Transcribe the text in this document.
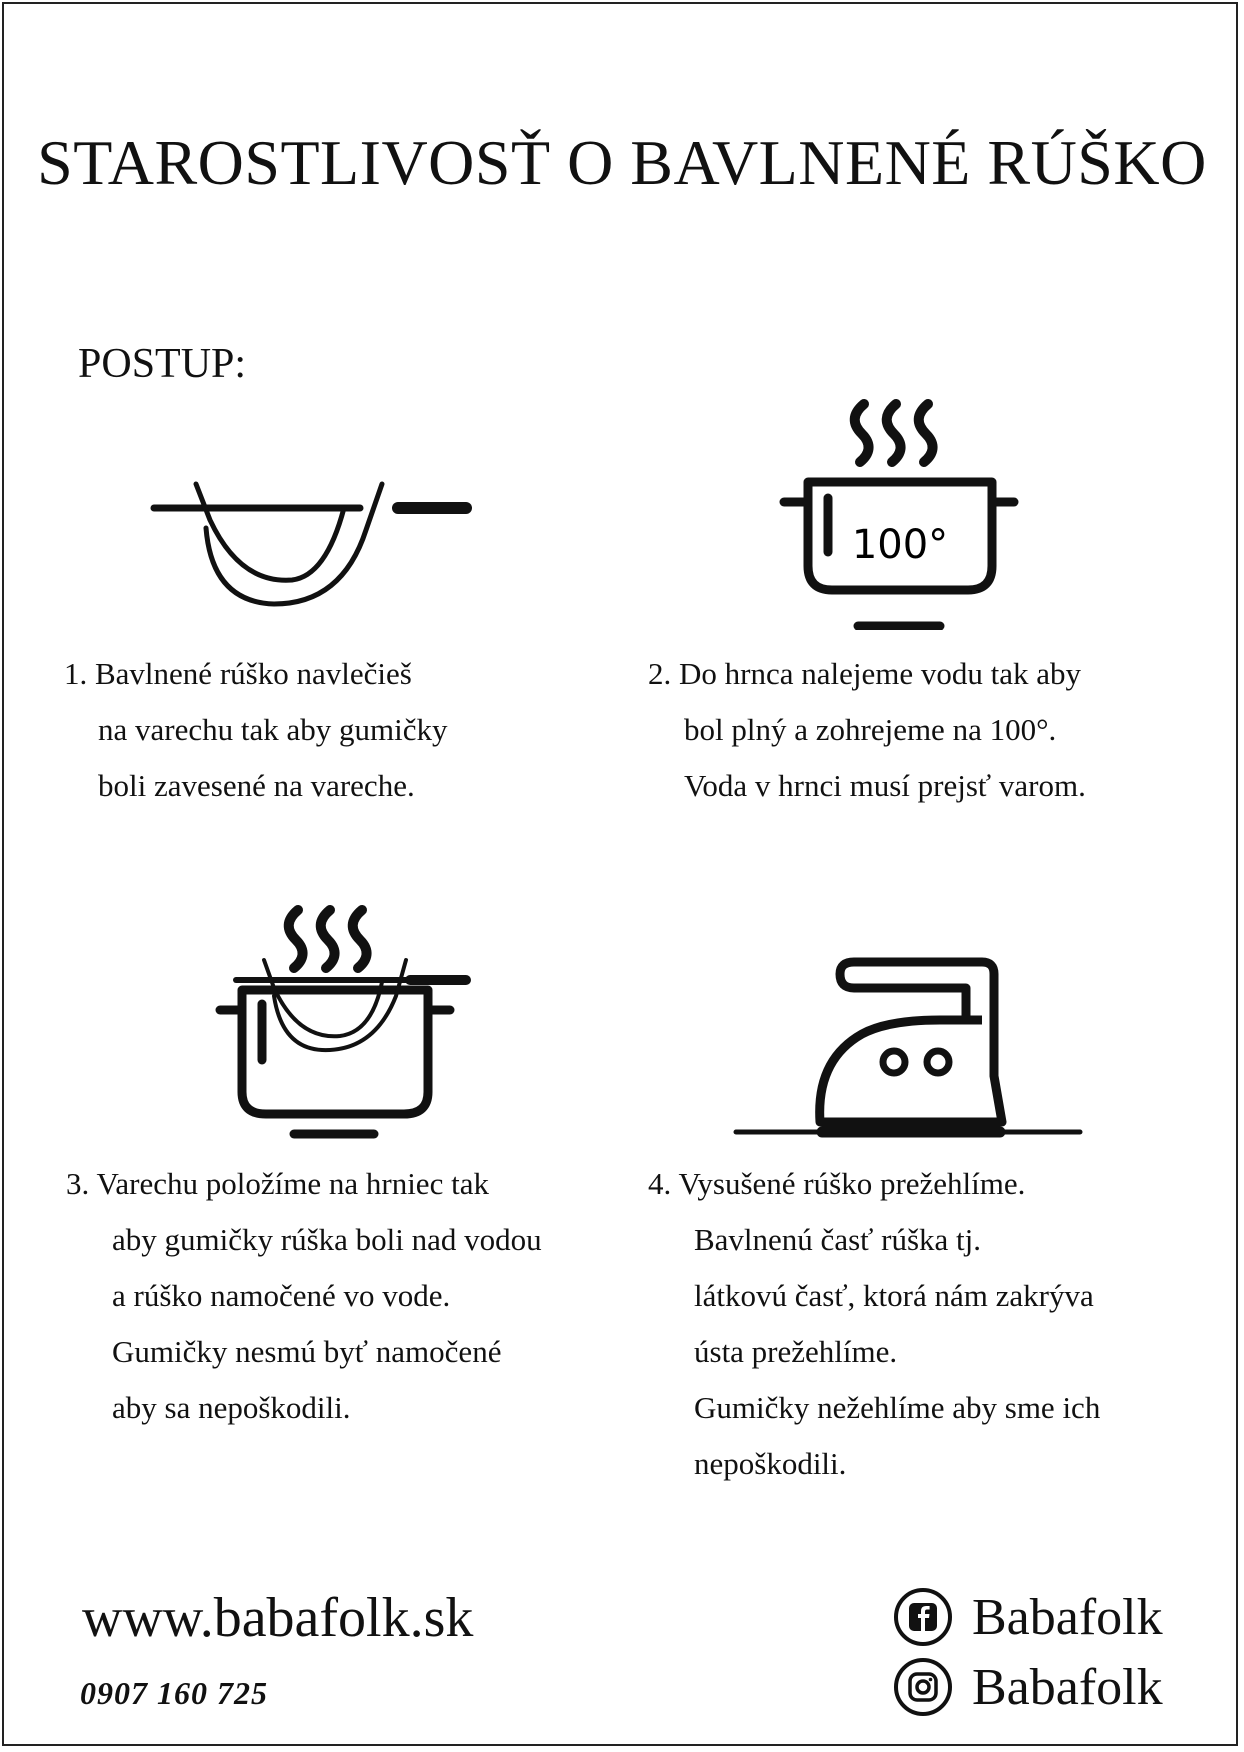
STAROSTLIVOSŤ O BAVLNENÉ RÚŠKO
POSTUP:
100°
1. Bavlnené rúško navlečieš
na varechu tak aby gumičky
boli zavesené na vareche.
2. Do hrnca nalejeme vodu tak aby
bol plný a zohrejeme na 100°.
Voda v hrnci musí prejsť varom.
3. Varechu položíme na hrniec tak
aby gumičky rúška boli nad vodou
a rúško namočené vo vode.
Gumičky nesmú byť namočené
aby sa nepoškodili.
4. Vysušené rúško prežehlíme.
Bavlnenú časť rúška tj.
látkovú časť, ktorá nám zakrýva
ústa prežehlíme.
Gumičky nežehlíme aby sme ich
nepoškodili.
www.babafolk.sk
0907 160 725
Babafolk
Babafolk
